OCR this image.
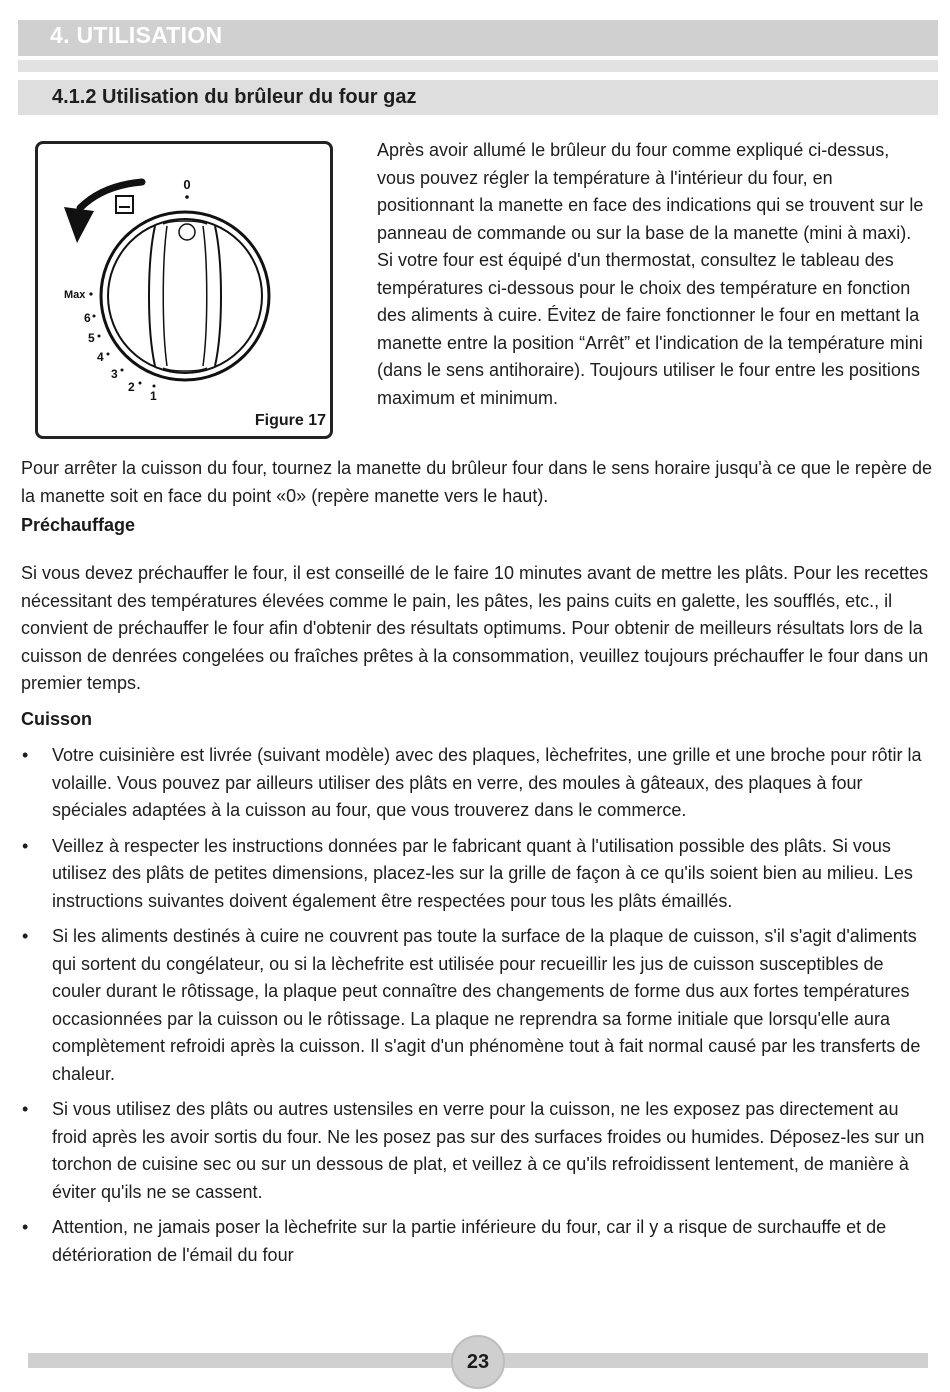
4. UTILISATION
4.1.2 Utilisation du brûleur du four gaz
0
Max
6
5
4
3
2
1
Figure 17
Après avoir allumé le brûleur du four comme expliqué ci-dessus, vous pouvez régler la température à l'intérieur du four, en positionnant la manette en face des indications qui se trouvent sur le panneau de commande ou sur la base de la manette (mini à maxi). Si votre four est équipé d'un thermostat, consultez le tableau des températures ci-dessous pour le choix des température en fonction des aliments à cuire. Évitez de faire fonctionner le four en mettant la manette entre la position “Arrêt” et l'indication de la température mini (dans le sens antihoraire). Toujours utiliser le four entre les positions maximum et minimum.
Pour arrêter la cuisson du four, tournez la manette du brûleur four dans le sens horaire jusqu'à ce que le repère de la manette soit en face du point «0» (repère manette vers le haut).
Préchauffage
Si vous devez préchauffer le four, il est conseillé de le faire 10 minutes avant de mettre les plâts. Pour les recettes nécessitant des températures élevées comme le pain, les pâtes, les pains cuits en galette, les soufflés, etc., il convient de préchauffer le four afin d'obtenir des résultats optimums. Pour obtenir de meilleurs résultats lors de la cuisson de denrées congelées ou fraîches prêtes à la consommation, veuillez toujours préchauffer le four dans un premier temps.
Cuisson
• Votre cuisinière est livrée (suivant modèle) avec des plaques, lèchefrites, une grille et une broche pour rôtir la volaille. Vous pouvez par ailleurs utiliser des plâts en verre, des moules à gâteaux, des plaques à four spéciales adaptées à la cuisson au four, que vous trouverez dans le commerce.
• Veillez à respecter les instructions données par le fabricant quant à l'utilisation possible des plâts. Si vous utilisez des plâts de petites dimensions, placez-les sur la grille de façon à ce qu'ils soient bien au milieu. Les instructions suivantes doivent également être respectées pour tous les plâts émaillés.
• Si les aliments destinés à cuire ne couvrent pas toute la surface de la plaque de cuisson, s'il s'agit d'aliments qui sortent du congélateur, ou si la lèchefrite est utilisée pour recueillir les jus de cuisson susceptibles de couler durant le rôtissage, la plaque peut connaître des changements de forme dus aux fortes températures occasionnées par la cuisson ou le rôtissage. La plaque ne reprendra sa forme initiale que lorsqu'elle aura complètement refroidi après la cuisson. Il s'agit d'un phénomène tout à fait normal causé par les transferts de chaleur.
• Si vous utilisez des plâts ou autres ustensiles en verre pour la cuisson, ne les exposez pas directement au froid après les avoir sortis du four. Ne les posez pas sur des surfaces froides ou humides. Déposez-les sur un torchon de cuisine sec ou sur un dessous de plat, et veillez à ce qu'ils refroidissent lentement, de manière à éviter qu'ils ne se cassent.
• Attention, ne jamais poser la lèchefrite sur la partie inférieure du four, car il y a risque de surchauffe et de détérioration de l'émail du four
23
